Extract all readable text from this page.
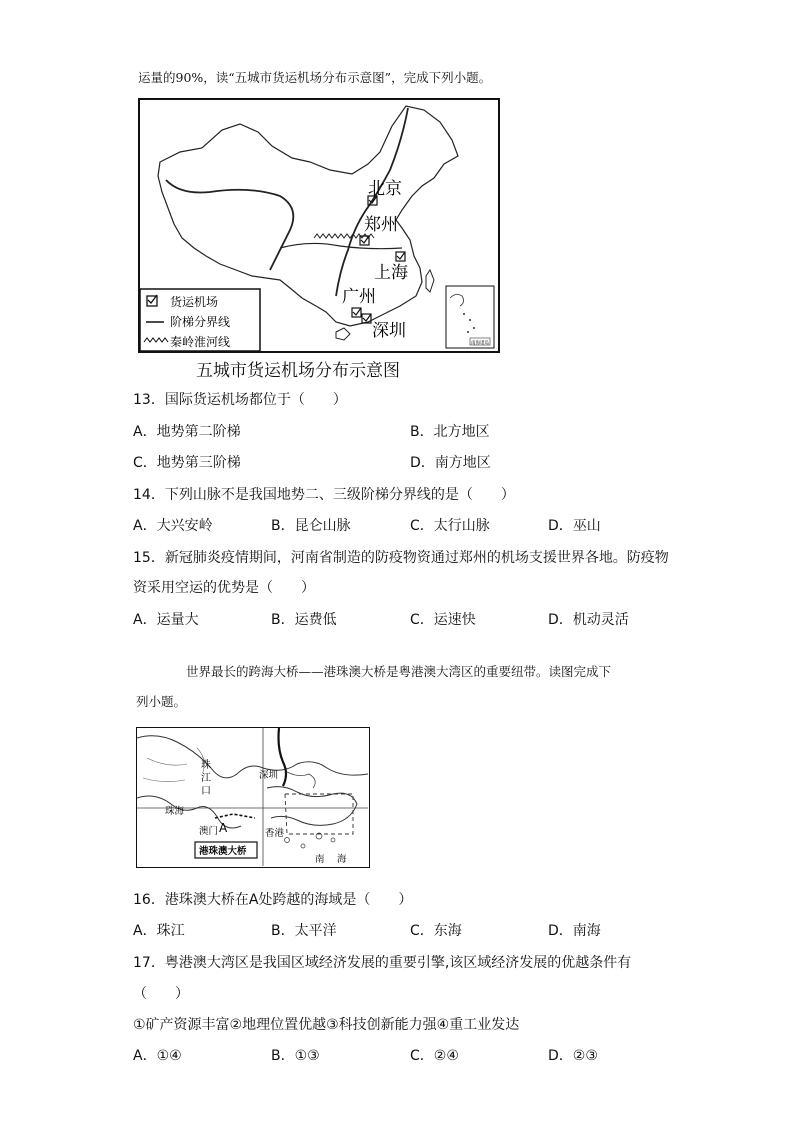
运量的90%，读“五城市货运机场分布示意图”，完成下列小题。
北京
郑州
上海
广州
深圳
南海诸岛
货运机场
阶梯分界线
秦岭淮河线
五城市货运机场分布示意图
13．国际货运机场都位于（　　）
A．地势第二阶梯	B．北方地区
C．地势第三阶梯	D．南方地区
14．下列山脉不是我国地势二、三级阶梯分界线的是（　　）
A．大兴安岭	B．昆仑山脉	C．太行山脉	D．巫山
15．新冠肺炎疫情期间，河南省制造的防疫物资通过郑州的机场支援世界各地。防疫物
资采用空运的优势是（　　）
A．运量大	B．运费低	C．运速快	D．机动灵活
世界最长的跨海大桥——港珠澳大桥是粤港澳大湾区的重要纽带。读图完成下
列小题。
珠
江
口
深圳
珠海
澳门 A	香港
南 海
港珠澳大桥
16．港珠澳大桥在A处跨越的海域是（　　）
A．珠江	B．太平洋	C．东海	D．南海
17．粤港澳大湾区是我国区域经济发展的重要引擎,该区域经济发展的优越条件有
（　　）
①矿产资源丰富②地理位置优越③科技创新能力强④重工业发达
A．①④	B．①③	C．②④	D．②③
